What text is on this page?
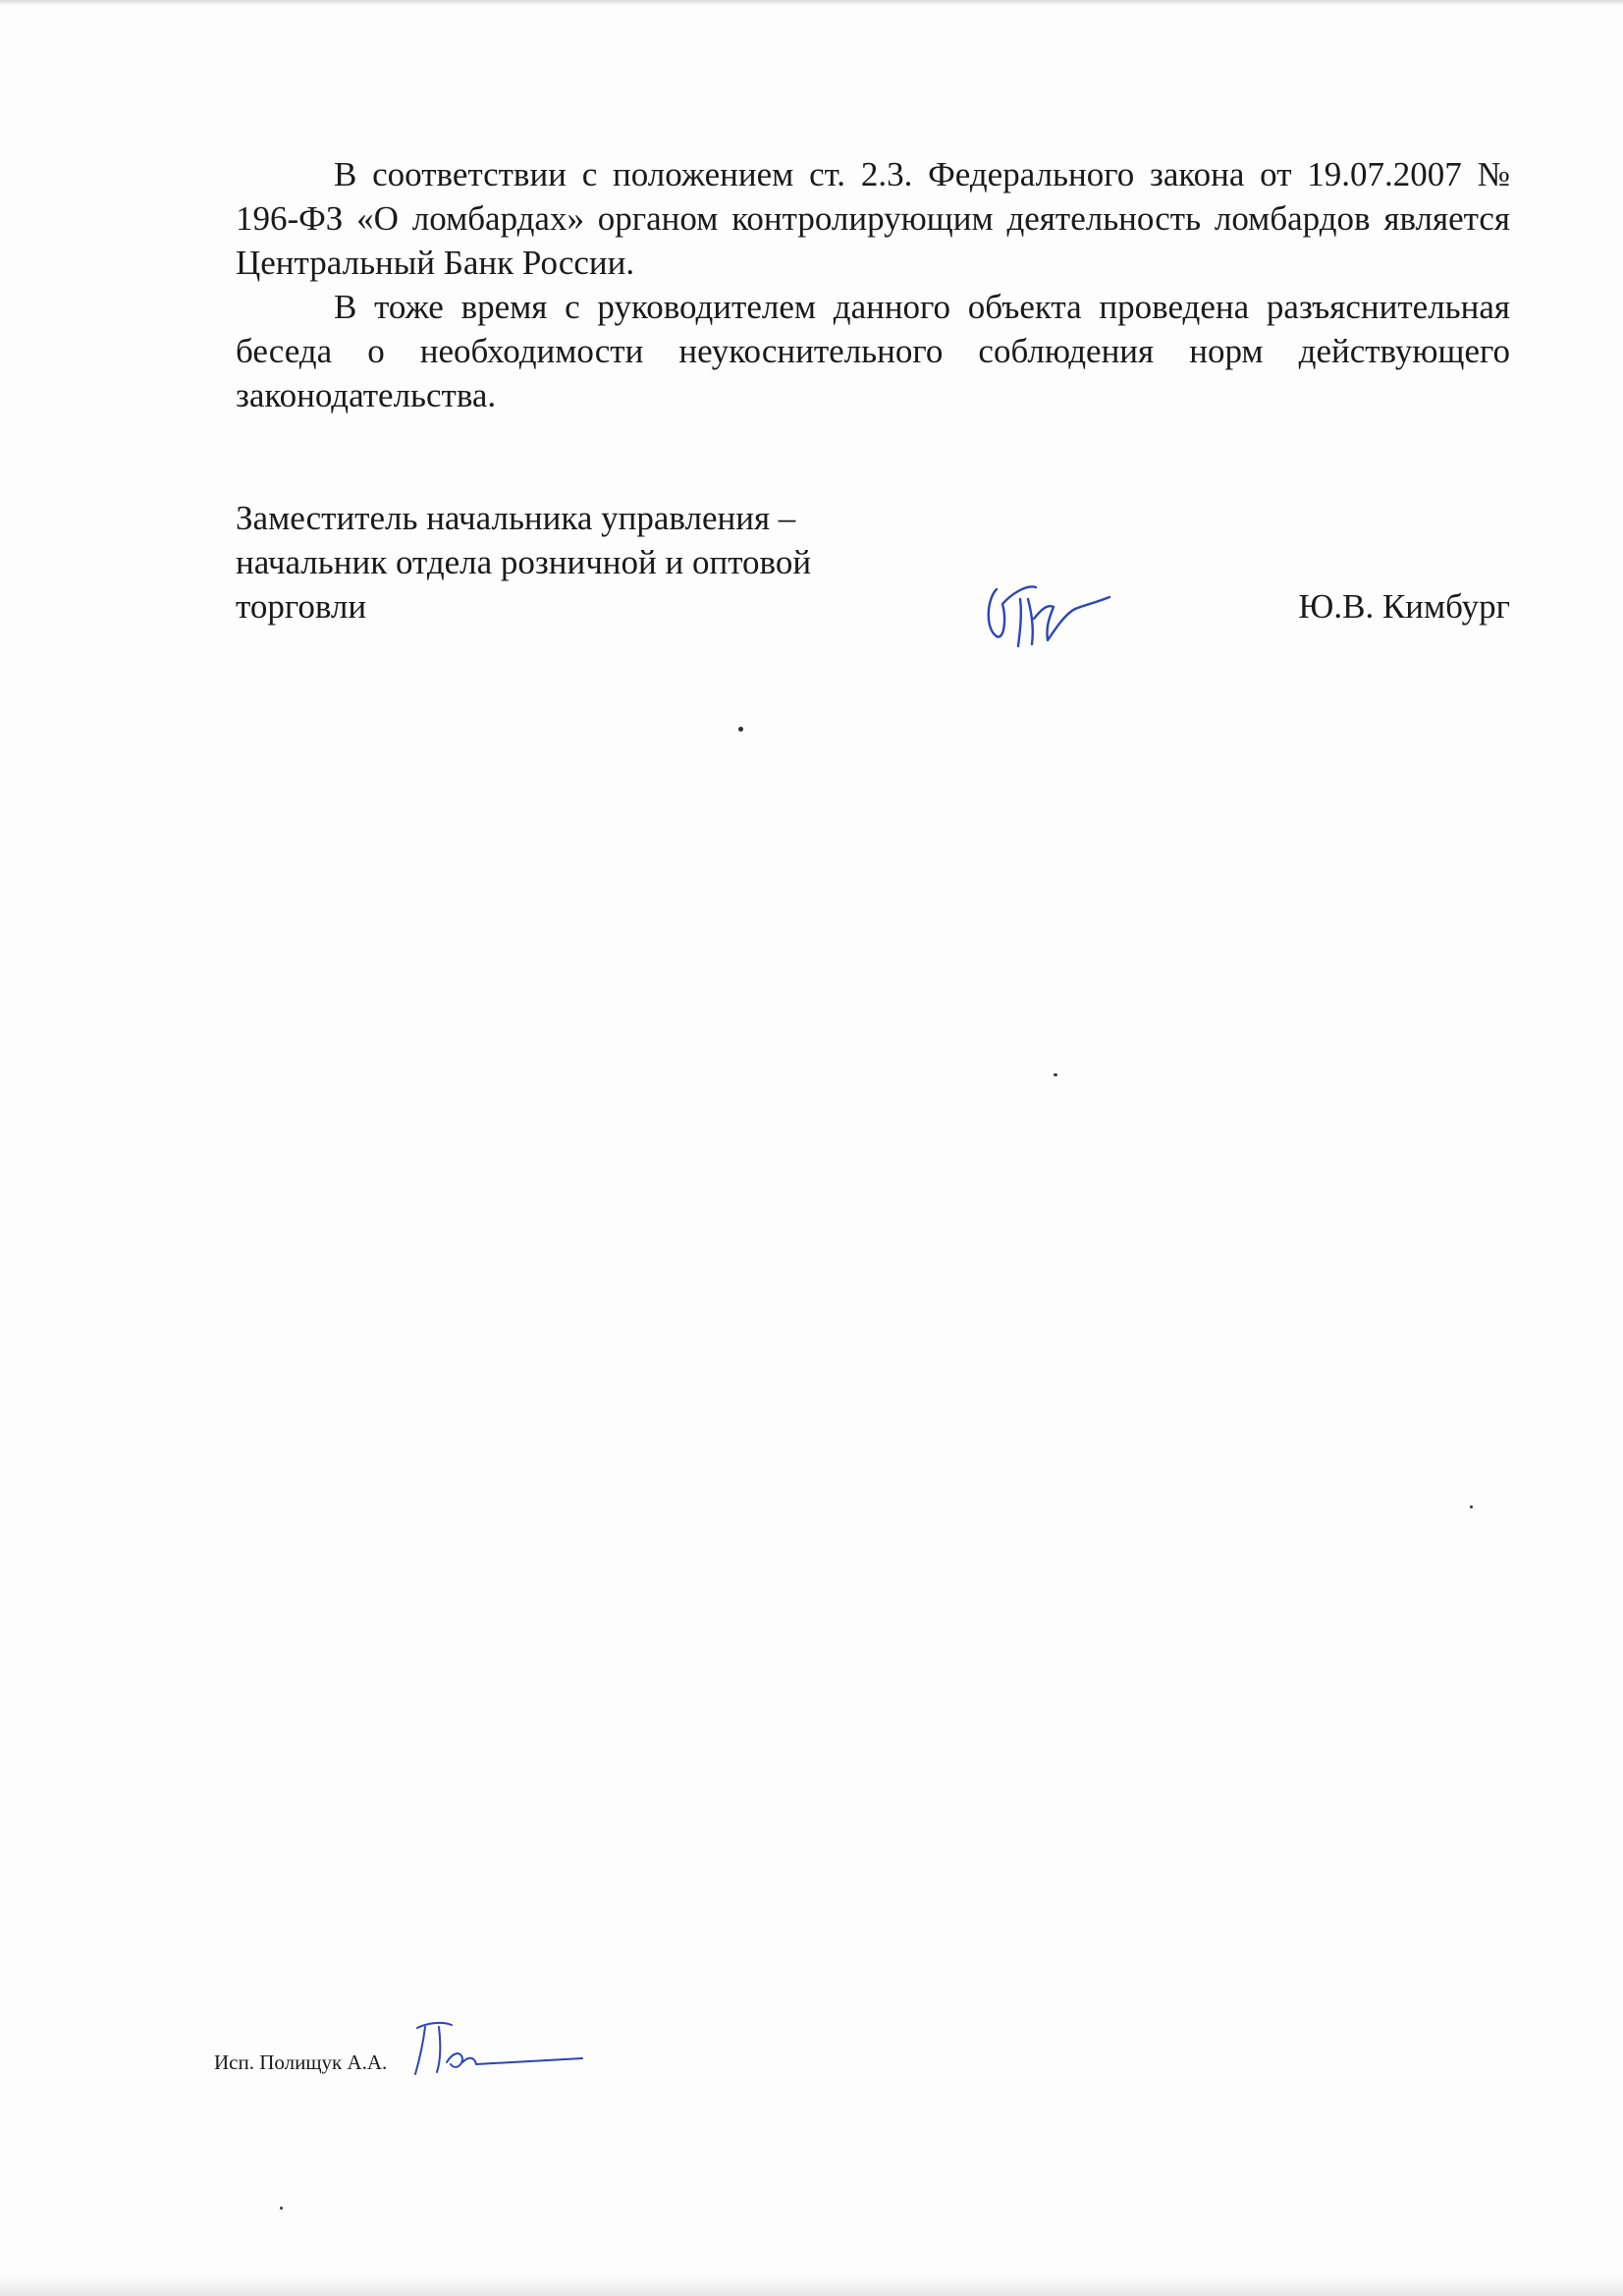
В соответствии с положением ст. 2.3. Федерального закона от 19.07.2007 № 196-ФЗ «О ломбардах» органом контролирующим деятельность ломбардов является Центральный Банк России.

В тоже время с руководителем данного объекта проведена разъяснительная беседа о необходимости неукоснительного соблюдения норм действующего законодательства.

Заместитель начальника управления –
начальник отдела розничной и оптовой
торговли	Ю.В. Кимбург
Исп. Полищук А.А.
